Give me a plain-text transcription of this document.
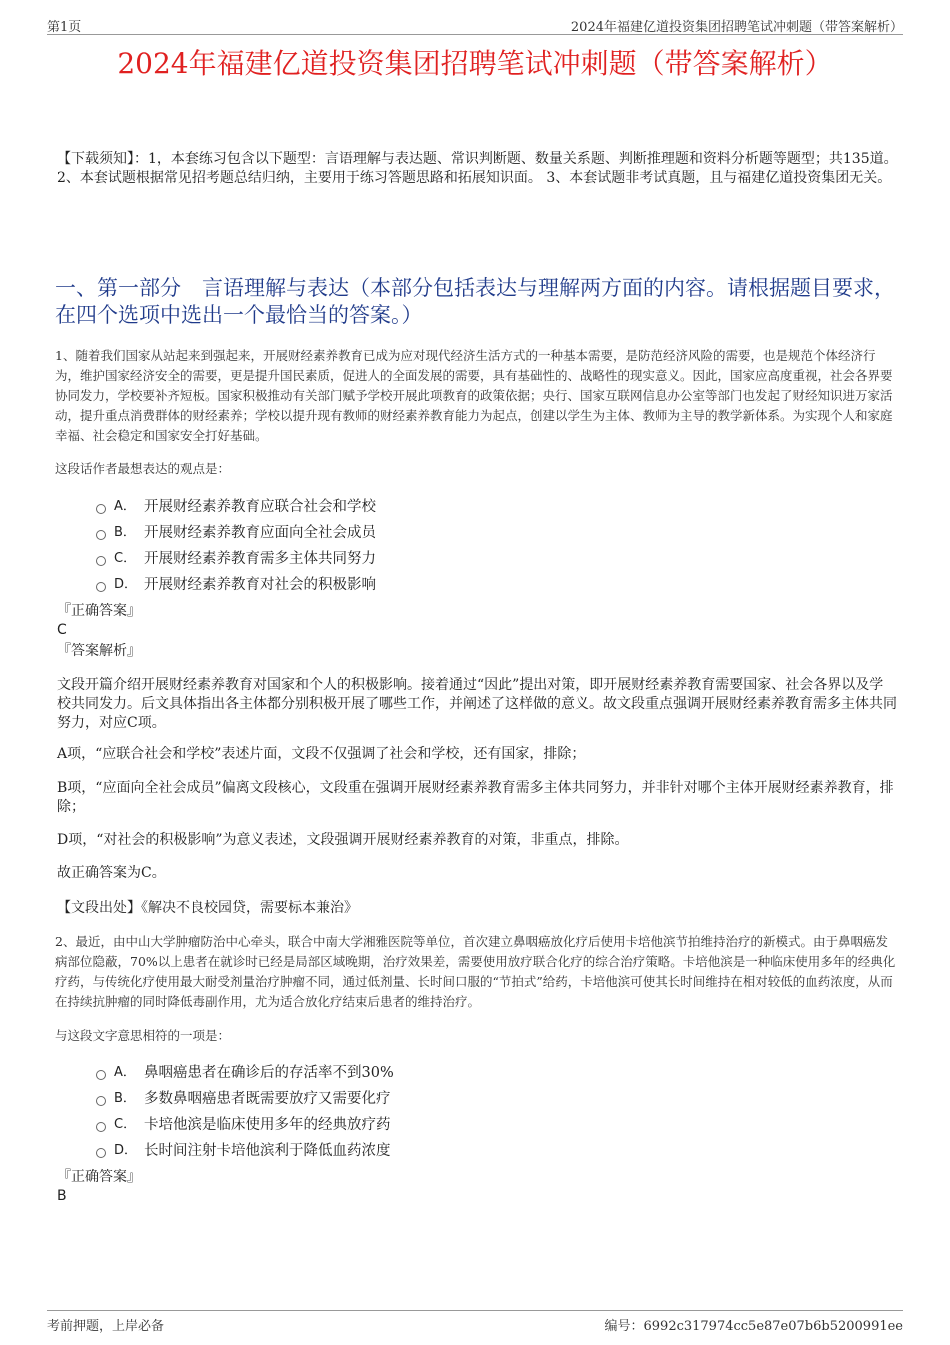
第1页	2024年福建亿道投资集团招聘笔试冲刺题（带答案解析）
2024年福建亿道投资集团招聘笔试冲刺题（带答案解析）
【下载须知】：1，本套练习包含以下题型：言语理解与表达题、常识判断题、数量关系题、判断推理题和资料分析题等题型；共135道。 2、本套试题根据常见招考题总结归纳，主要用于练习答题思路和拓展知识面。 3、本套试题非考试真题，且与福建亿道投资集团无关。
一、第一部分　言语理解与表达（本部分包括表达与理解两方面的内容。请根据题目要求，在四个选项中选出一个最恰当的答案。）
1、随着我们国家从站起来到强起来，开展财经素养教育已成为应对现代经济生活方式的一种基本需要，是防范经济风险的需要，也是规范个体经济行为，维护国家经济安全的需要，更是提升国民素质，促进人的全面发展的需要，具有基础性的、战略性的现实意义。因此，国家应高度重视，社会各界要协同发力，学校要补齐短板。国家积极推动有关部门赋予学校开展此项教育的政策依据；央行、国家互联网信息办公室等部门也发起了财经知识进万家活动，提升重点消费群体的财经素养；学校以提升现有教师的财经素养教育能力为起点，创建以学生为主体、教师为主导的教学新体系。为实现个人和家庭幸福、社会稳定和国家安全打好基础。
这段话作者最想表达的观点是：
A． 开展财经素养教育应联合社会和学校
B． 开展财经素养教育应面向全社会成员
C． 开展财经素养教育需多主体共同努力
D． 开展财经素养教育对社会的积极影响
『正确答案』
C
『答案解析』
文段开篇介绍开展财经素养教育对国家和个人的积极影响。接着通过“因此”提出对策，即开展财经素养教育需要国家、社会各界以及学校共同发力。后文具体指出各主体都分别积极开展了哪些工作，并阐述了这样做的意义。故文段重点强调开展财经素养教育需多主体共同努力，对应C项。
A项，“应联合社会和学校”表述片面，文段不仅强调了社会和学校，还有国家，排除；
B项，“应面向全社会成员”偏离文段核心，文段重在强调开展财经素养教育需多主体共同努力，并非针对哪个主体开展财经素养教育，排除；
D项，“对社会的积极影响”为意义表述，文段强调开展财经素养教育的对策，非重点，排除。
故正确答案为C。
【文段出处】《解决不良校园贷，需要标本兼治》
2、最近，由中山大学肿瘤防治中心牵头，联合中南大学湘雅医院等单位，首次建立鼻咽癌放化疗后使用卡培他滨节拍维持治疗的新模式。由于鼻咽癌发病部位隐蔽，70%以上患者在就诊时已经是局部区域晚期，治疗效果差，需要使用放疗联合化疗的综合治疗策略。卡培他滨是一种临床使用多年的经典化疗药，与传统化疗使用最大耐受剂量治疗肿瘤不同，通过低剂量、长时间口服的“节拍式”给药，卡培他滨可使其长时间维持在相对较低的血药浓度，从而在持续抗肿瘤的同时降低毒副作用，尤为适合放化疗结束后患者的维持治疗。
与这段文字意思相符的一项是：
A． 鼻咽癌患者在确诊后的存活率不到30%
B． 多数鼻咽癌患者既需要放疗又需要化疗
C． 卡培他滨是临床使用多年的经典放疗药
D． 长时间注射卡培他滨利于降低血药浓度
『正确答案』
B
考前押题，上岸必备	编号：6992c317974cc5e87e07b6b5200991ee
